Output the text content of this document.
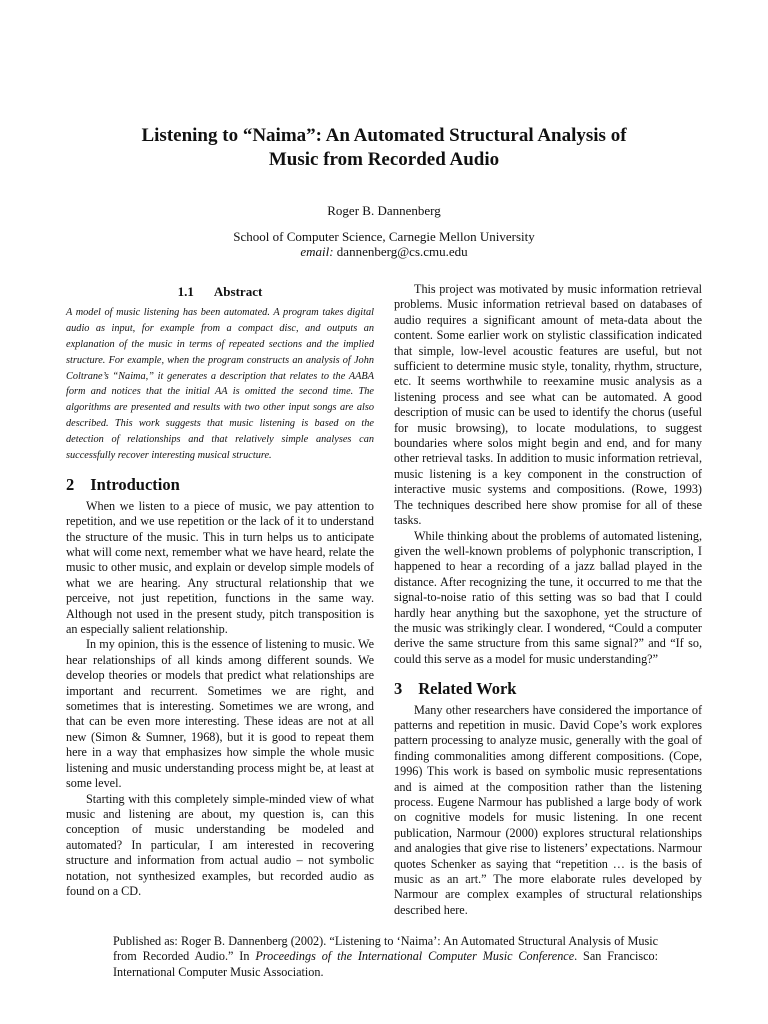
Listening to “Naima”: An Automated Structural Analysis of
Music from Recorded Audio
Roger B. Dannenberg
School of Computer Science, Carnegie Mellon University
email: dannenberg@cs.cmu.edu
1.1 Abstract

A model of music listening has been automated. A program takes digital audio as input, for example from a compact disc, and outputs an explanation of the music in terms of repeated sections and the implied structure. For example, when the program constructs an analysis of John Coltrane’s “Naima,” it generates a description that relates to the AABA form and notices that the initial AA is omitted the second time. The algorithms are presented and results with two other input songs are also described. This work suggests that music listening is based on the detection of relationships and that relatively simple analyses can successfully recover interesting musical structure.

2 Introduction

When we listen to a piece of music, we pay attention to repetition, and we use repetition or the lack of it to understand the structure of the music. This in turn helps us to anticipate what will come next, remember what we have heard, relate the music to other music, and explain or develop simple models of what we are hearing. Any structural relationship that we perceive, not just repetition, functions in the same way. Although not used in the present study, pitch transposition is an especially salient relationship.

In my opinion, this is the essence of listening to music. We hear relationships of all kinds among different sounds. We develop theories or models that predict what relationships are important and recurrent. Sometimes we are right, and sometimes that is interesting. Sometimes we are wrong, and that can be even more interesting. These ideas are not at all new (Simon & Sumner, 1968), but it is good to repeat them here in a way that emphasizes how simple the whole music listening and music understanding process might be, at least at some level.

Starting with this completely simple-minded view of what music and listening are about, my question is, can this conception of music understanding be modeled and automated? In particular, I am interested in recovering structure and information from actual audio – not symbolic notation, not synthesized examples, but recorded audio as found on a CD.

This project was motivated by music information retrieval problems. Music information retrieval based on databases of audio requires a significant amount of meta-data about the content. Some earlier work on stylistic classification indicated that simple, low-level acoustic features are useful, but not sufficient to determine music style, tonality, rhythm, structure, etc. It seems worthwhile to reexamine music analysis as a listening process and see what can be automated. A good description of music can be used to identify the chorus (useful for music browsing), to locate modulations, to suggest boundaries where solos might begin and end, and for many other retrieval tasks. In addition to music information retrieval, music listening is a key component in the construction of interactive music systems and compositions. (Rowe, 1993) The techniques described here show promise for all of these tasks.

While thinking about the problems of automated listening, given the well-known problems of polyphonic transcription, I happened to hear a recording of a jazz ballad played in the distance. After recognizing the tune, it occurred to me that the signal-to-noise ratio of this setting was so bad that I could hardly hear anything but the saxophone, yet the structure of the music was strikingly clear. I wondered, “Could a computer derive the same structure from this same signal?” and “If so, could this serve as a model for music understanding?”

3 Related Work

Many other researchers have considered the importance of patterns and repetition in music. David Cope’s work explores pattern processing to analyze music, generally with the goal of finding commonalities among different compositions. (Cope, 1996) This work is based on symbolic music representations and is aimed at the composition rather than the listening process. Eugene Narmour has published a large body of work on cognitive models for music listening. In one recent publication, Narmour (2000) explores structural relationships and analogies that give rise to listeners’ expectations. Narmour quotes Schenker as saying that “repetition … is the basis of music as an art.” The more elaborate rules developed by Narmour are complex examples of structural relationships described here.

Published as: Roger B. Dannenberg (2002). “Listening to ‘Naima’: An Automated Structural Analysis of Music from Recorded Audio.” In Proceedings of the International Computer Music Conference. San Francisco: International Computer Music Association.
